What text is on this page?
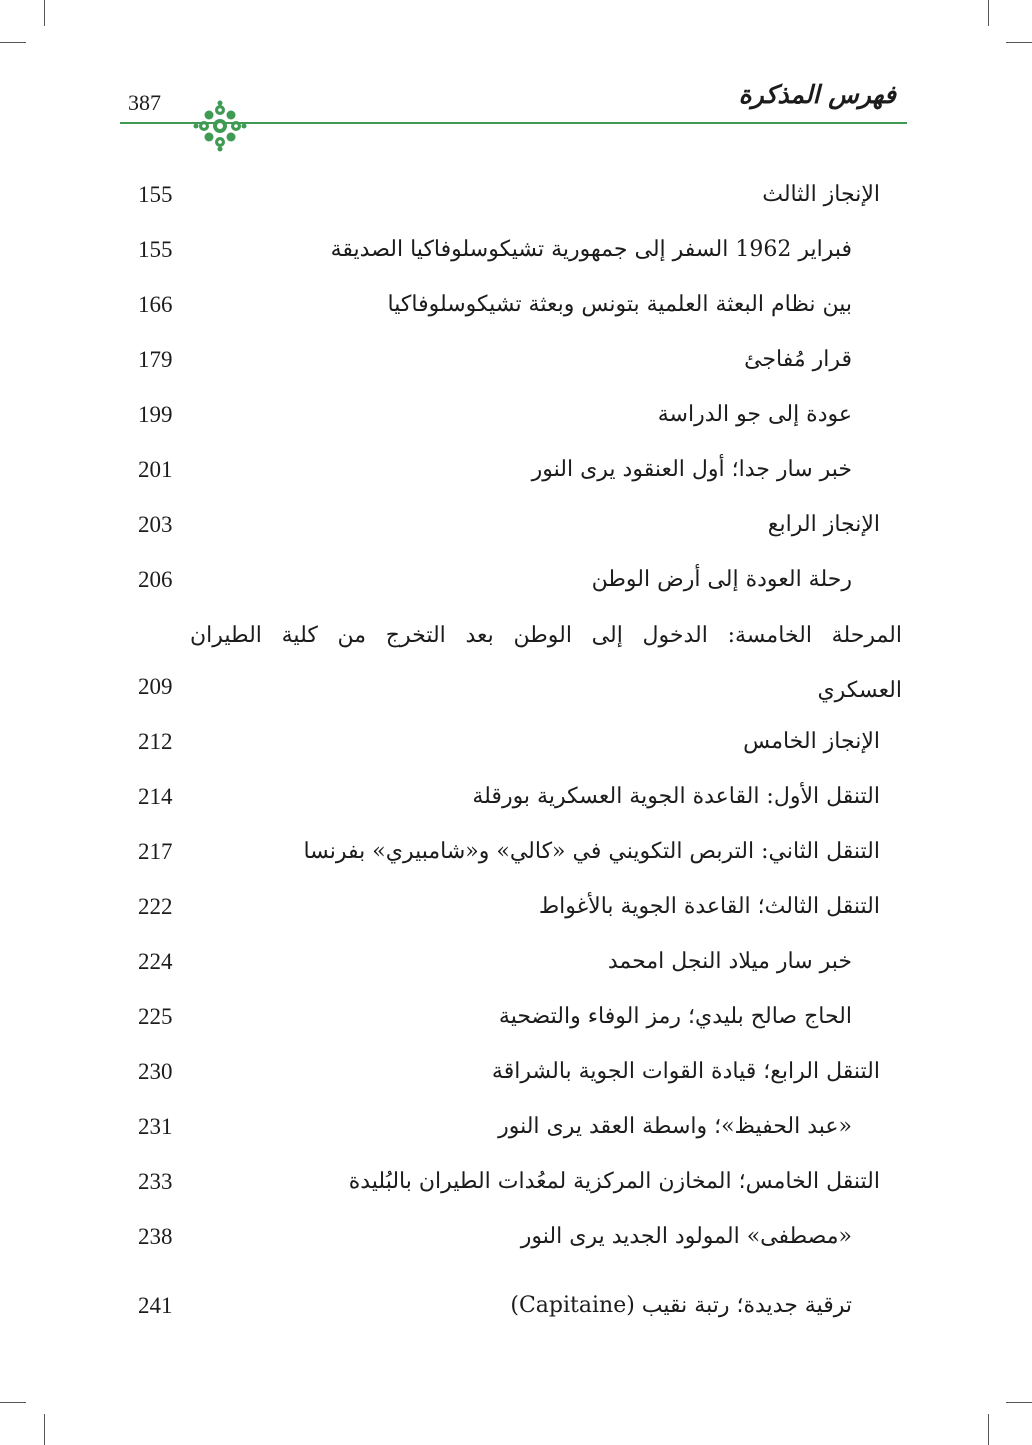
فهرس المذكرة
387
الإنجاز الثالث
155
فبراير 1962 السفر إلى جمهورية تشيكوسلوفاكيا الصديقة
155
بين نظام البعثة العلمية بتونس وبعثة تشيكوسلوفاكيا
166
قرار مُفاجئ
179
عودة إلى جو الدراسة
199
خبر سار جدا؛ أول العنقود يرى النور
201
الإنجاز الرابع
203
رحلة العودة إلى أرض الوطن
206
المرحلة الخامسة: الدخول إلى الوطن بعد التخرج من كلية الطيران
العسكري
209
الإنجاز الخامس
212
التنقل الأول: القاعدة الجوية العسكرية بورقلة
214
التنقل الثاني: التربص التكويني في «كالي» و«شامبيري» بفرنسا
217
التنقل الثالث؛ القاعدة الجوية بالأغواط
222
خبر سار ميلاد النجل امحمد
224
الحاج صالح بليدي؛ رمز الوفاء والتضحية
225
التنقل الرابع؛ قيادة القوات الجوية بالشراقة
230
«عبد الحفيظ»؛ واسطة العقد يرى النور
231
التنقل الخامس؛ المخازن المركزية لمعُدات الطيران بالبُليدة
233
«مصطفى» المولود الجديد يرى النور
238
ترقية جديدة؛ رتبة نقيب (Capitaine)
241
